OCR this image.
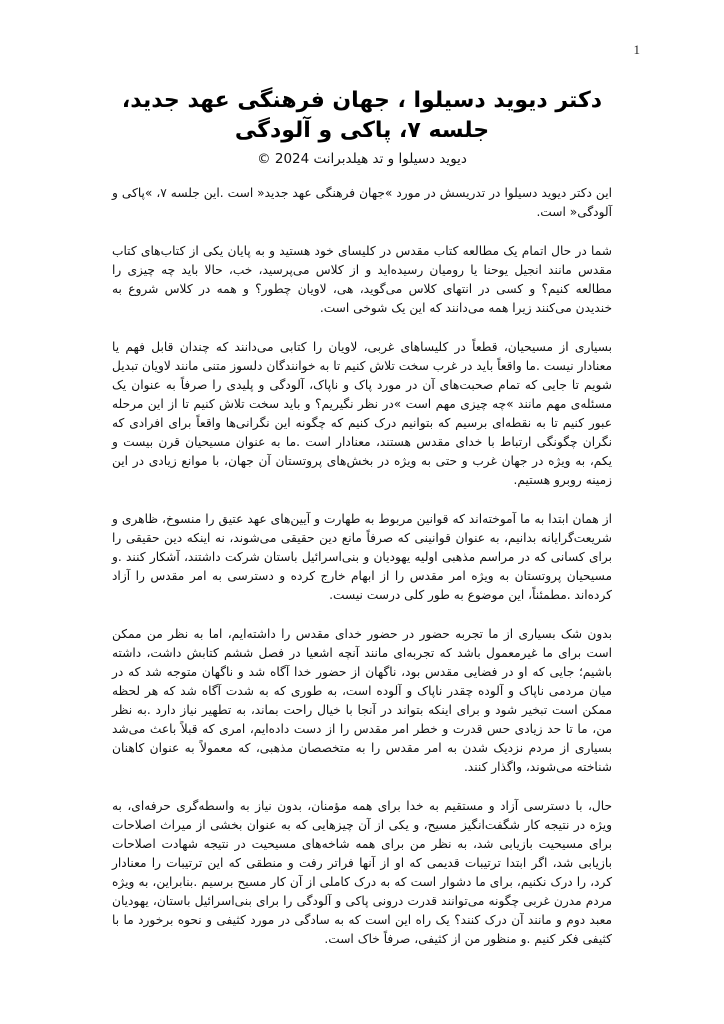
1
دکتر دیوید دسیلوا ، جهان فرهنگی عهد جدید، جلسه ۷، پاکی و آلودگی
دیوید دسیلوا و تد هیلدبرانت 2024 ©

این دکتر دیوید دسیلوا در تدریسش در مورد »جهان فرهنگی عهد جدید« است .این جلسه ۷، »پاکی و آلودگی« است.

شما در حال اتمام یک مطالعه کتاب مقدس در کلیسای خود هستید و به پایان یکی از کتاب‌های کتاب مقدس مانند انجیل یوحنا یا رومیان رسیده‌اید و از کلاس می‌پرسید، خب، حالا باید چه چیزی را مطالعه کنیم؟ و کسی در انتهای کلاس می‌گوید، هی، لاویان چطور؟ و همه در کلاس شروع به خندیدن می‌کنند زیرا همه می‌دانند که این یک شوخی است.

بسیاری از مسیحیان، قطعاً در کلیساهای غربی، لاویان را کتابی می‌دانند که چندان قابل فهم یا معنادار نیست .ما واقعاً باید در غرب سخت تلاش کنیم تا به خوانندگان دلسوز متنی مانند لاویان تبدیل شویم تا جایی که تمام صحبت‌های آن در مورد پاک و ناپاک، آلودگی و پلیدی را صرفاً به عنوان یک مسئله‌ی مهم مانند »چه چیزی مهم است »در نظر نگیریم؟ و باید سخت تلاش کنیم تا از این مرحله عبور کنیم تا به نقطه‌ای برسیم که بتوانیم درک کنیم که چگونه این نگرانی‌ها واقعاً برای افرادی که نگران چگونگی ارتباط با خدای مقدس هستند، معنادار است .ما به عنوان مسیحیان قرن بیست و یکم، به ویژه در جهان غرب و حتی به ویژه در بخش‌های پروتستان آن جهان، با موانع زیادی در این زمینه روبرو هستیم.

از همان ابتدا به ما آموخته‌اند که قوانین مربوط به طهارت و آیین‌های عهد عتیق را منسوخ، ظاهری و شریعت‌گرایانه بدانیم، به عنوان قوانینی که صرفاً مانع دین حقیقی می‌شوند، نه اینکه دین حقیقی را برای کسانی که در مراسم مذهبی اولیه یهودیان و بنی‌اسرائیل باستان شرکت داشتند، آشکار کنند .و مسیحیان پروتستان به ویژه امر مقدس را از ابهام خارج کرده و دسترسی به امر مقدس را آزاد کرده‌اند .مطمئناً، این موضوع به طور کلی درست نیست.

بدون شک بسیاری از ما تجربه حضور در حضور خدای مقدس را داشته‌ایم، اما به نظر من ممکن است برای ما غیرمعمول باشد که تجربه‌ای مانند آنچه اشعیا در فصل ششم کتابش داشت، داشته باشیم؛ جایی که او در فضایی مقدس بود، ناگهان از حضور خدا آگاه شد و ناگهان متوجه شد که در میان مردمی ناپاک و آلوده چقدر ناپاک و آلوده است، به طوری که به شدت آگاه شد که هر لحظه ممکن است تبخیر شود و برای اینکه بتواند در آنجا با خیال راحت بماند، به تطهیر نیاز دارد .به نظر من، ما تا حد زیادی حس قدرت و خطر امر مقدس را از دست داده‌ایم، امری که قبلاً باعث می‌شد بسیاری از مردم نزدیک شدن به امر مقدس را به متخصصان مذهبی، که معمولاً به عنوان کاهنان شناخته می‌شوند، واگذار کنند.

حال، با دسترسی آزاد و مستقیم به خدا برای همه مؤمنان، بدون نیاز به واسطه‌گری حرفه‌ای، به ویژه در نتیجه کار شگفت‌انگیز مسیح، و یکی از آن چیزهایی که به عنوان بخشی از میراث اصلاحات برای مسیحیت بازیابی شد، به نظر من برای همه شاخه‌های مسیحیت در نتیجه شهادت اصلاحات بازیابی شد، اگر ابتدا ترتیبات قدیمی که او از آنها فراتر رفت و منطقی که این ترتیبات را معنادار کرد، را درک نکنیم، برای ما دشوار است که به درک کاملی از آن کار مسیح برسیم .بنابراین، به ویژه مردم مدرن غربی چگونه می‌توانند قدرت درونی پاکی و آلودگی را برای بنی‌اسرائیل باستان، یهودیان معبد دوم و مانند آن درک کنند؟ یک راه این است که به سادگی در مورد کثیفی و نحوه برخورد ما با کثیفی فکر کنیم .و منظور من از کثیفی، صرفاً خاک است.
